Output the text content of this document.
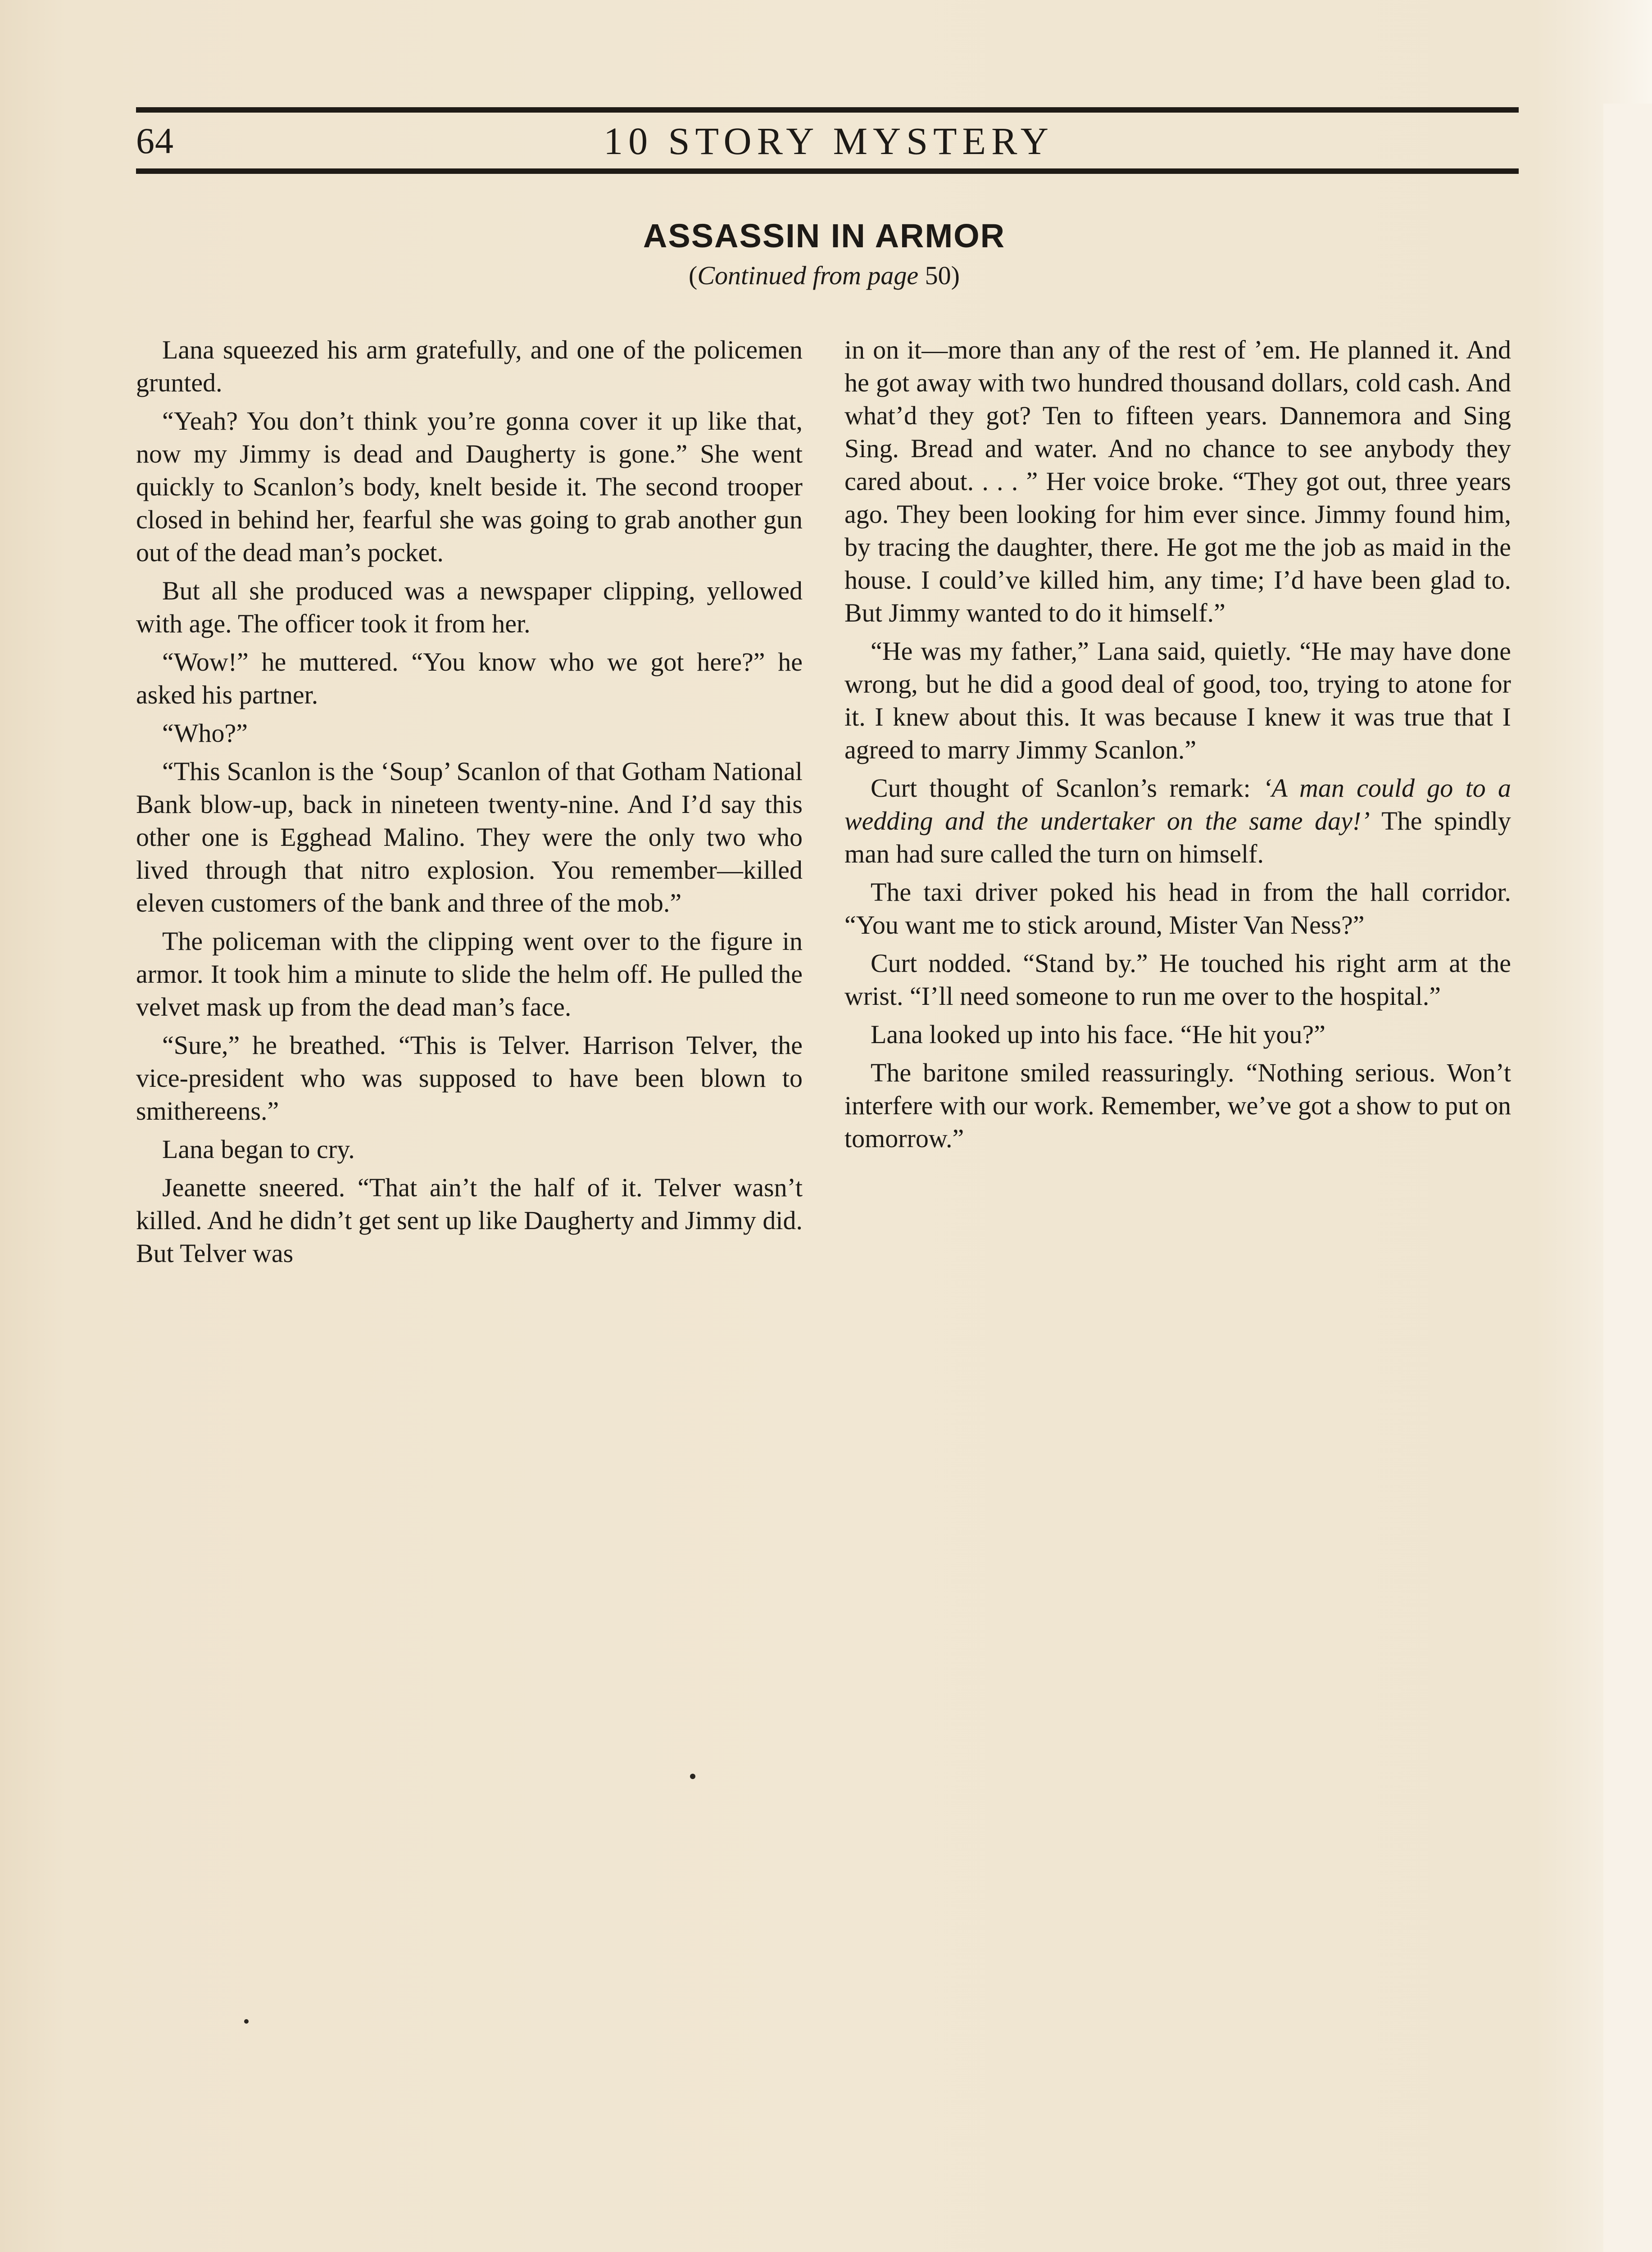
64	10 STORY MYSTERY
ASSASSIN IN ARMOR
(Continued from page 50)

Lana squeezed his arm gratefully, and one of the policemen grunted.

“Yeah? You don’t think you’re gonna cover it up like that, now my Jimmy is dead and Daugherty is gone.” She went quickly to Scanlon’s body, knelt beside it. The second trooper closed in behind her, fearful she was going to grab another gun out of the dead man’s pocket.

But all she produced was a newspaper clipping, yellowed with age. The officer took it from her.

“Wow!” he muttered. “You know who we got here?” he asked his partner.

“Who?”

“This Scanlon is the ‘Soup’ Scanlon of that Gotham National Bank blow-up, back in nineteen twenty-nine. And I’d say this other one is Egghead Malino. They were the only two who lived through that nitro explosion. You remember—killed eleven customers of the bank and three of the mob.”

The policeman with the clipping went over to the figure in armor. It took him a minute to slide the helm off. He pulled the velvet mask up from the dead man’s face.

“Sure,” he breathed. “This is Telver. Harrison Telver, the vice-president who was supposed to have been blown to smithereens.”

Lana began to cry.

Jeanette sneered. “That ain’t the half of it. Telver wasn’t killed. And he didn’t get sent up like Daugherty and Jimmy did. But Telver was

in on it—more than any of the rest of ’em. He planned it. And he got away with two hundred thousand dollars, cold cash. And what’d they got? Ten to fifteen years. Dannemora and Sing Sing. Bread and water. And no chance to see anybody they cared about. . . . ” Her voice broke. “They got out, three years ago. They been looking for him ever since. Jimmy found him, by tracing the daughter, there. He got me the job as maid in the house. I could’ve killed him, any time; I’d have been glad to. But Jimmy wanted to do it himself.”

“He was my father,” Lana said, quietly. “He may have done wrong, but he did a good deal of good, too, trying to atone for it. I knew about this. It was because I knew it was true that I agreed to marry Jimmy Scanlon.”

Curt thought of Scanlon’s remark: ‘A man could go to a wedding and the undertaker on the same day!’ The spindly man had sure called the turn on himself.

The taxi driver poked his head in from the hall corridor. “You want me to stick around, Mister Van Ness?”

Curt nodded. “Stand by.” He touched his right arm at the wrist. “I’ll need someone to run me over to the hospital.”

Lana looked up into his face. “He hit you?”

The baritone smiled reassuringly. “Nothing serious. Won’t interfere with our work. Remember, we’ve got a show to put on tomorrow.”
